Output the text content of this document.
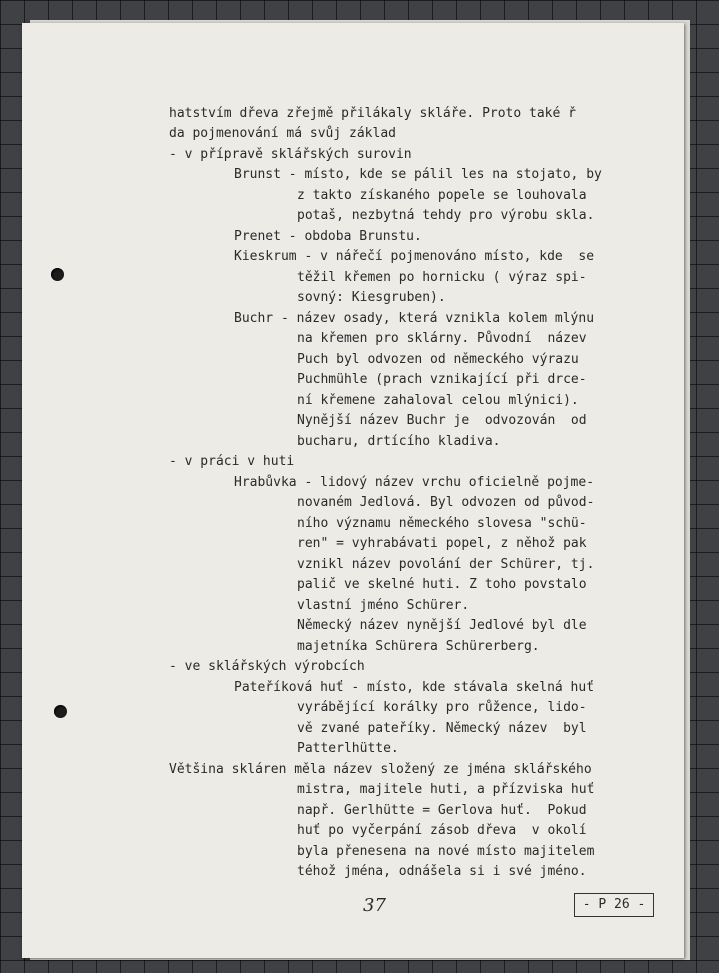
hatstvím dřeva zřejmě přilákaly skláře. Proto také ř

da pojmenování má svůj základ

- v přípravě sklářských surovin

Brunst - místo, kde se pálil les na stojato, by

z takto získaného popele se louhovala

potaš, nezbytná tehdy pro výrobu skla.

Prenet - obdoba Brunstu.

Kieskrum - v nářečí pojmenováno místo, kde  se

těžil křemen po hornicku ( výraz spi-

sovný: Kiesgruben).

Buchr - název osady, která vznikla kolem mlýnu

na křemen pro sklárny. Původní  název

Puch byl odvozen od německého výrazu

Puchmühle (prach vznikající při drce-

ní křemene zahaloval celou mlýnici).

Nynější název Buchr je  odvozován  od

bucharu, drtícího kladiva.

- v práci v huti

Hrabůvka - lidový název vrchu oficielně pojme-

novaném Jedlová. Byl odvozen od původ-

ního významu německého slovesa "schü-

ren" = vyhrabávati popel, z něhož pak

vznikl název povolání der Schürer, tj.

palič ve skelné huti. Z toho povstalo

vlastní jméno Schürer.

Německý název nynější Jedlové byl dle

majetníka Schürera Schürerberg.

- ve sklářských výrobcích

Pateříková huť - místo, kde stávala skelná huť

vyrábějící korálky pro růžence, lido-

vě zvané pateříky. Německý název  byl

Patterlhütte.

Většina skláren měla název složený ze jména sklářského

mistra, majitele huti, a přízviska huť

např. Gerlhütte = Gerlova huť.  Pokud

huť po vyčerpání zásob dřeva  v okolí

byla přenesena na nové místo majitelem

téhož jména, odnášela si i své jméno.

37	- P 26 -
